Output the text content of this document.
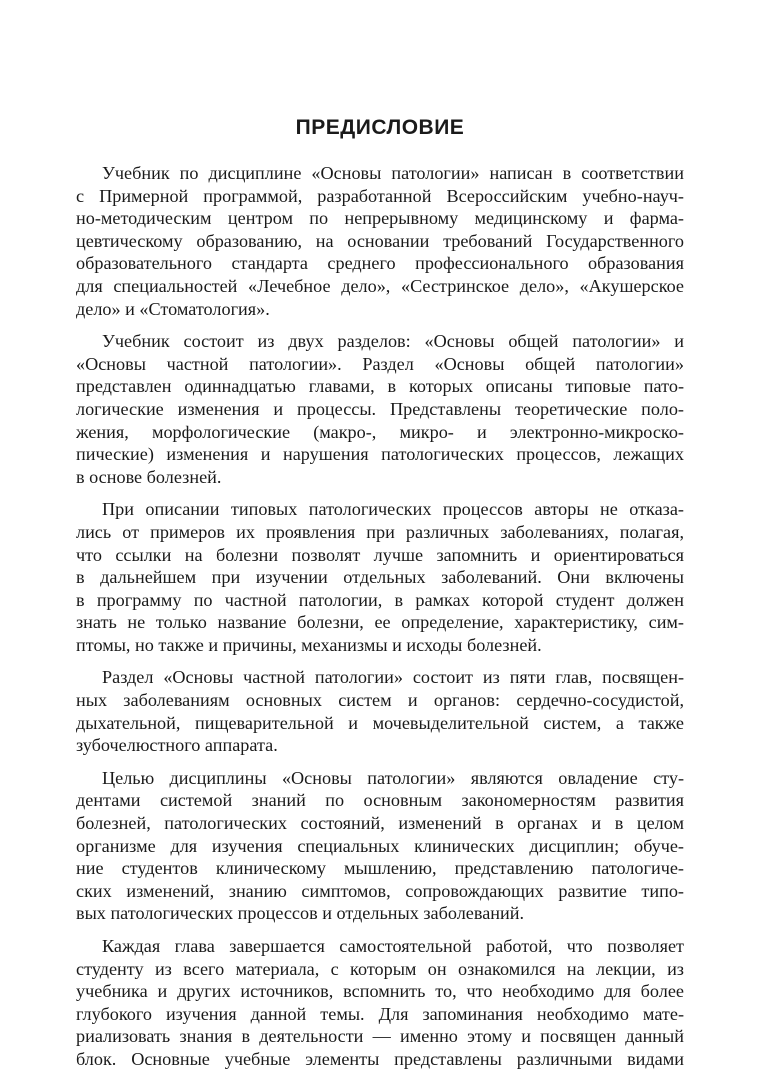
ПРЕДИСЛОВИЕ

Учебник по дисциплине «Основы патологии» написан в соответствии
с Примерной программой, разработанной Всероссийским учебно-науч-
но-методическим центром по непрерывному медицинскому и фарма-
цевтическому образованию, на основании требований Государственного
образовательного стандарта среднего профессионального образования
для специальностей «Лечебное дело», «Сестринское дело», «Акушерское
дело» и «Стоматология».

Учебник состоит из двух разделов: «Основы общей патологии» и
«Основы частной патологии». Раздел «Основы общей патологии»
представлен одиннадцатью главами, в которых описаны типовые пато-
логические изменения и процессы. Представлены теоретические поло-
жения, морфологические (макро-, микро- и электронно-микроско-
пические) изменения и нарушения патологических процессов, лежащих
в основе болезней.

При описании типовых патологических процессов авторы не отказа-
лись от примеров их проявления при различных заболеваниях, полагая,
что ссылки на болезни позволят лучше запомнить и ориентироваться
в дальнейшем при изучении отдельных заболеваний. Они включены
в программу по частной патологии, в рамках которой студент должен
знать не только название болезни, ее определение, характеристику, сим-
птомы, но также и причины, механизмы и исходы болезней.

Раздел «Основы частной патологии» состоит из пяти глав, посвящен-
ных заболеваниям основных систем и органов: сердечно-сосудистой,
дыхательной, пищеварительной и мочевыделительной систем, а также
зубочелюстного аппарата.

Целью дисциплины «Основы патологии» являются овладение сту-
дентами системой знаний по основным закономерностям развития
болезней, патологических состояний, изменений в органах и в целом
организме для изучения специальных клинических дисциплин; обуче-
ние студентов клиническому мышлению, представлению патологиче-
ских изменений, знанию симптомов, сопровождающих развитие типо-
вых патологических процессов и отдельных заболеваний.

Каждая глава завершается самостоятельной работой, что позволяет
студенту из всего материала, с которым он ознакомился на лекции, из
учебника и других источников, вспомнить то, что необходимо для более
глубокого изучения данной темы. Для запоминания необходимо мате-
риализовать знания в деятельности — именно этому и посвящен данный
блок. Основные учебные элементы представлены различными видами
